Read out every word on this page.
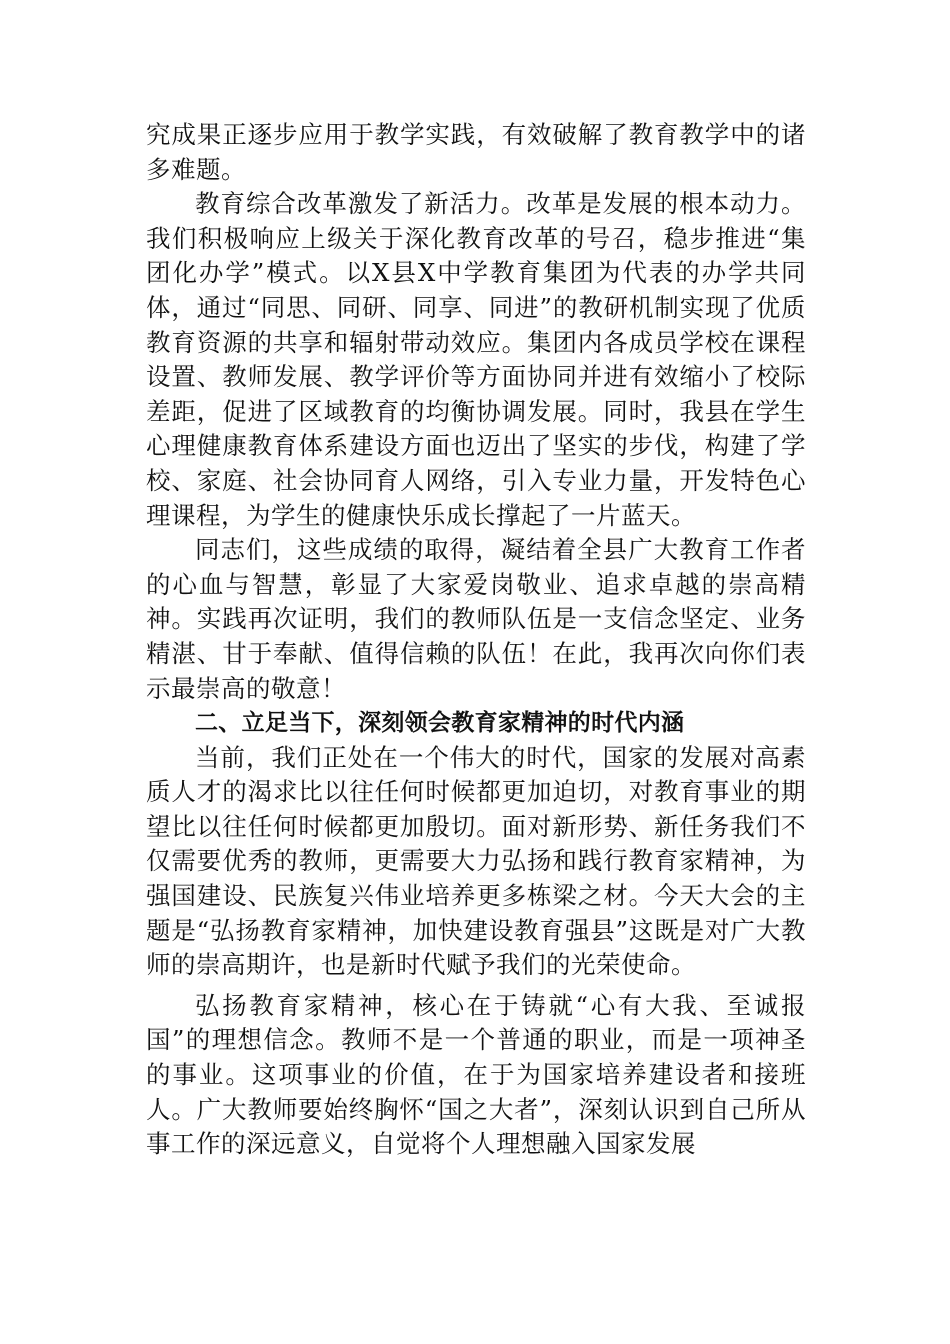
究成果正逐步应用于教学实践，有效破解了教育教学中的诸多难题。

教育综合改革激发了新活力。改革是发展的根本动力。我们积极响应上级关于深化教育改革的号召，稳步推进“集团化办学”模式。以X县X中学教育集团为代表的办学共同体，通过“同思、同研、同享、同进”的教研机制实现了优质教育资源的共享和辐射带动效应。集团内各成员学校在课程设置、教师发展、教学评价等方面协同并进有效缩小了校际差距，促进了区域教育的均衡协调发展。同时，我县在学生心理健康教育体系建设方面也迈出了坚实的步伐，构建了学校、家庭、社会协同育人网络，引入专业力量，开发特色心理课程，为学生的健康快乐成长撑起了一片蓝天。

同志们，这些成绩的取得，凝结着全县广大教育工作者的心血与智慧，彰显了大家爱岗敬业、追求卓越的崇高精神。实践再次证明，我们的教师队伍是一支信念坚定、业务精湛、甘于奉献、值得信赖的队伍！在此，我再次向你们表示最崇高的敬意！

二、立足当下，深刻领会教育家精神的时代内涵

当前，我们正处在一个伟大的时代，国家的发展对高素质人才的渴求比以往任何时候都更加迫切，对教育事业的期望比以往任何时候都更加殷切。面对新形势、新任务我们不仅需要优秀的教师，更需要大力弘扬和践行教育家精神，为强国建设、民族复兴伟业培养更多栋梁之材。今天大会的主题是“弘扬教育家精神，加快建设教育强县”这既是对广大教师的崇高期许，也是新时代赋予我们的光荣使命。

弘扬教育家精神，核心在于铸就“心有大我、至诚报国”的理想信念。教师不是一个普通的职业，而是一项神圣的事业。这项事业的价值，在于为国家培养建设者和接班人。广大教师要始终胸怀“国之大者”，深刻认识到自己所从事工作的深远意义，自觉将个人理想融入国家发展
